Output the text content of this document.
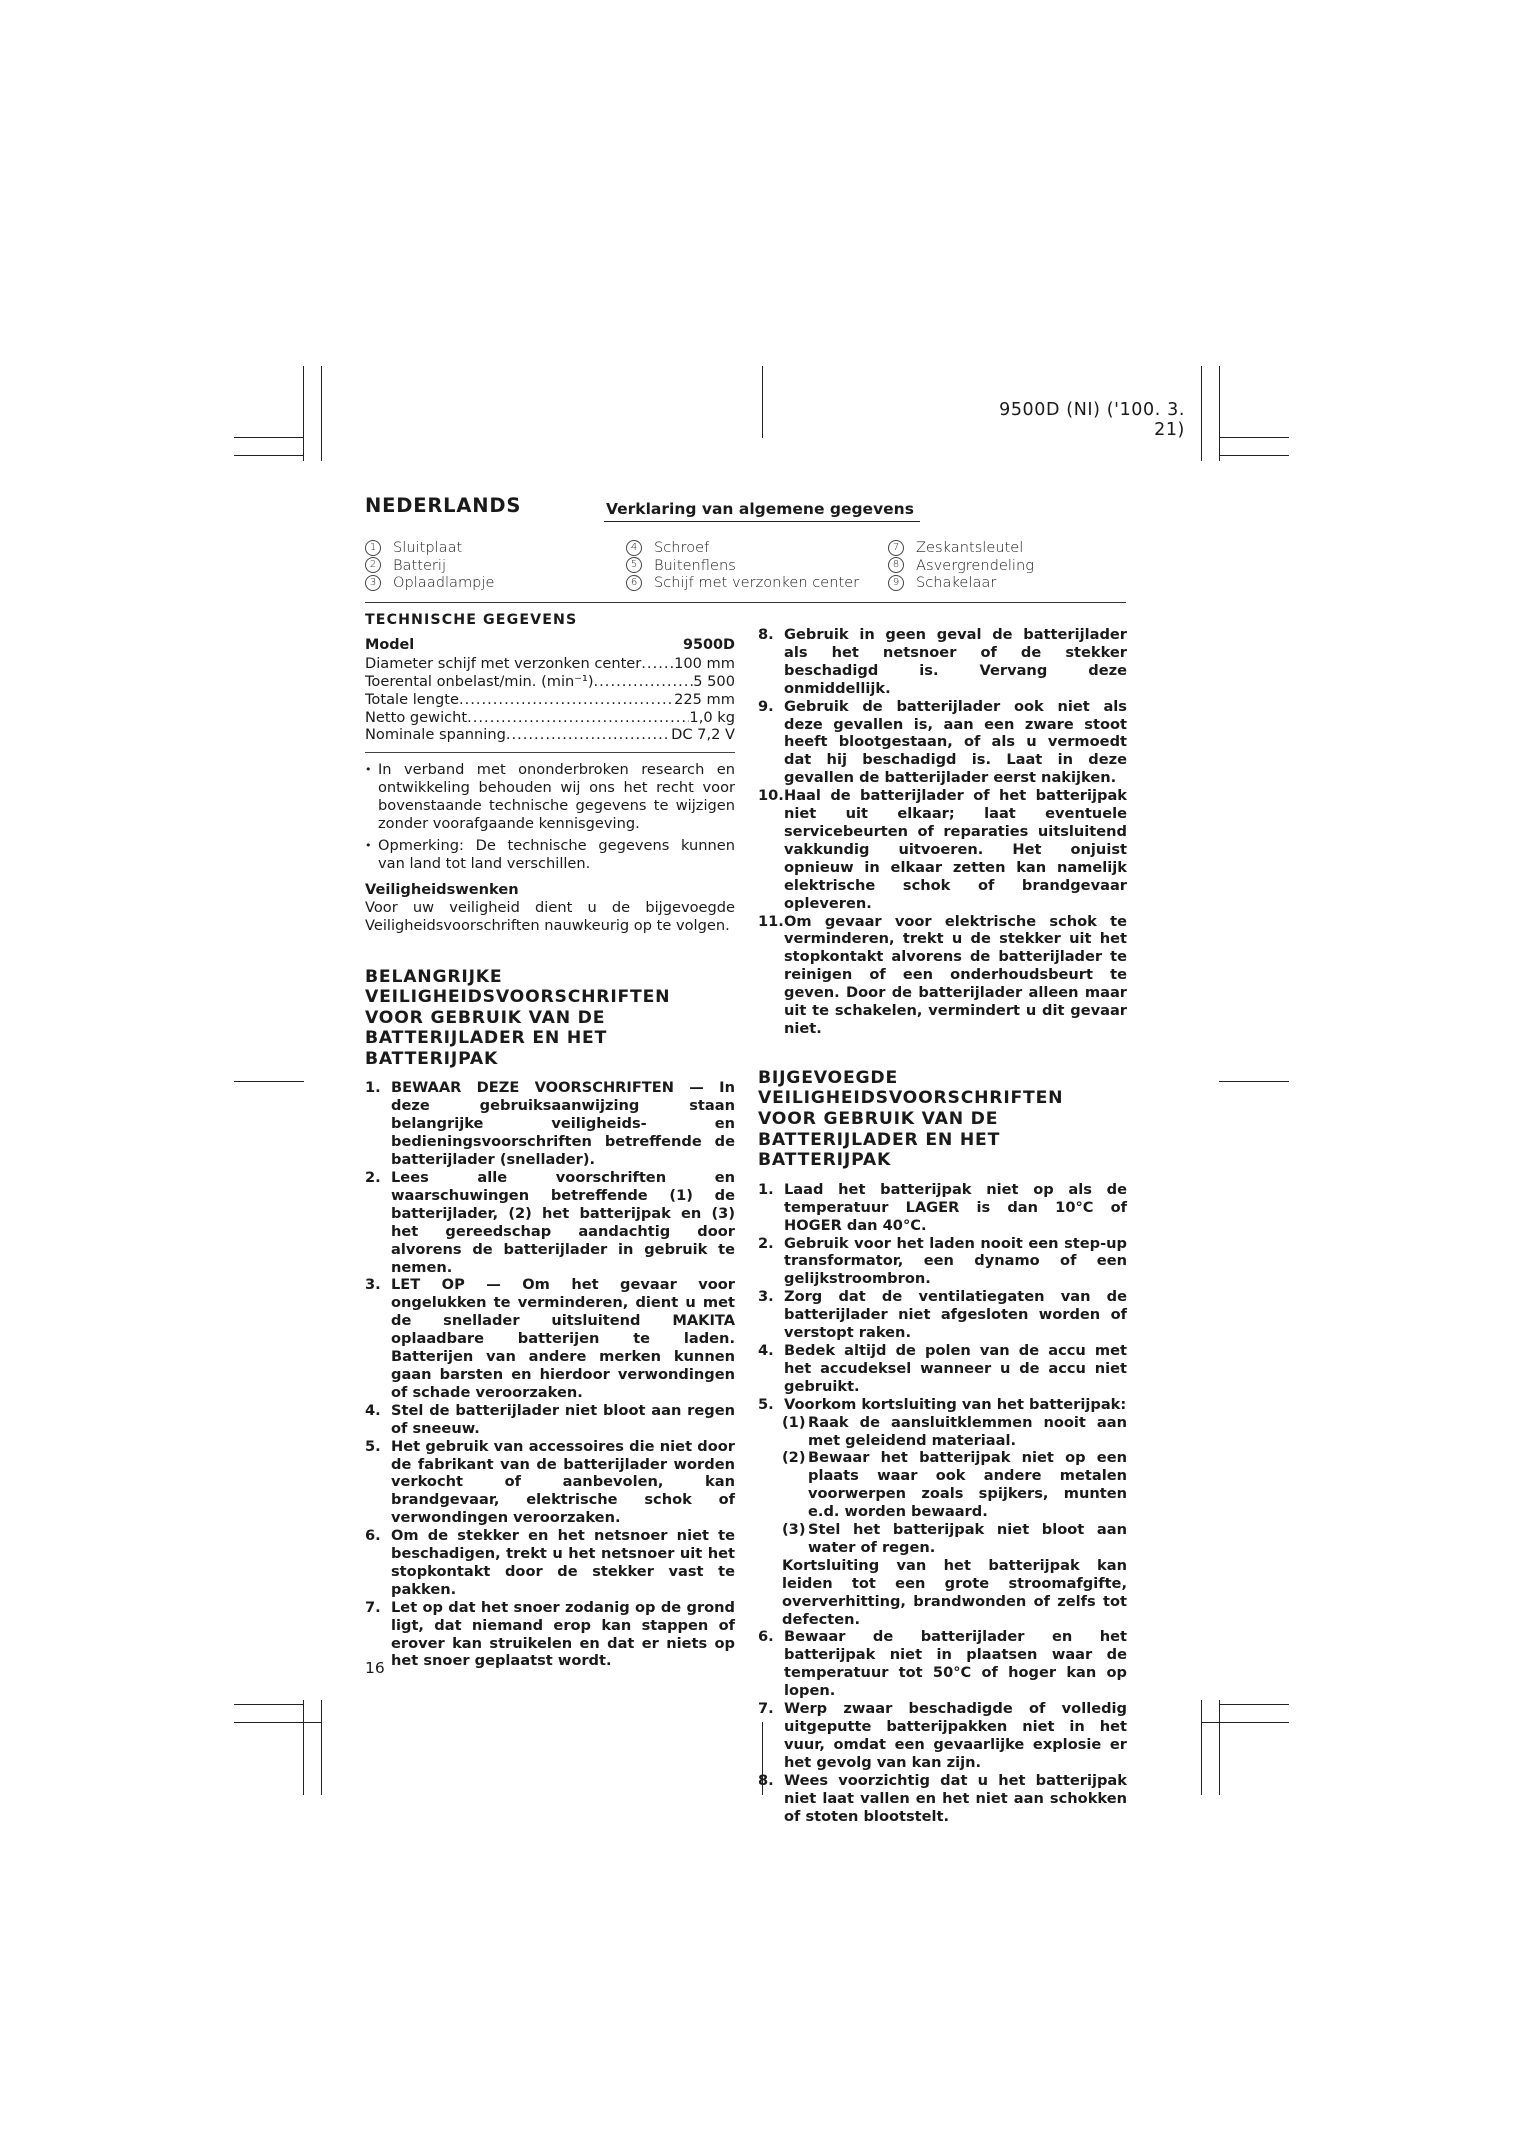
9500D (NI) ('100. 3. 21)
NEDERLANDS	Verklaring van algemene gegevens
1	Sluitplaat
2	Batterij
3	Oplaadlampje
4	Schroef
5	Buitenflens
6	Schijf met verzonken center
7	Zeskantsleutel
8	Asvergrendeling
9	Schakelaar
TECHNISCHE GEGEVENS
Model	9500D
Diameter schijf met verzonken center ..... 100 mm
Toerental onbelast/min. (min⁻¹) .....	5 500
Totale lengte .....	225 mm
Netto gewicht .....	1,0 kg
Nominale spanning .....	DC 7,2 V
• In verband met ononderbroken research en ontwikkeling behouden wij ons het recht voor bovenstaande technische gegevens te wijzigen zonder voorafgaande kennisgeving.
• Opmerking: De technische gegevens kunnen van land tot land verschillen.
Veiligheidswenken
Voor uw veiligheid dient u de bijgevoegde Veiligheidsvoorschriften nauwkeurig op te volgen.
BELANGRIJKE VEILIGHEIDSVOORSCHRIFTEN VOOR GEBRUIK VAN DE BATTERIJLADER EN HET BATTERIJPAK
1. BEWAAR DEZE VOORSCHRIFTEN — In deze gebruiksaanwijzing staan belangrijke veiligheids- en bedieningsvoorschriften betreffende de batterijlader (snellader).
2. Lees alle voorschriften en waarschuwingen betreffende (1) de batterijlader, (2) het batterijpak en (3) het gereedschap aandachtig door alvorens de batterijlader in gebruik te nemen.
3. LET OP — Om het gevaar voor ongelukken te verminderen, dient u met de snellader uitsluitend MAKITA oplaadbare batterijen te laden. Batterijen van andere merken kunnen gaan barsten en hierdoor verwondingen of schade veroorzaken.
4. Stel de batterijlader niet bloot aan regen of sneeuw.
5. Het gebruik van accessoires die niet door de fabrikant van de batterijlader worden verkocht of aanbevolen, kan brandgevaar, elektrische schok of verwondingen veroorzaken.
6. Om de stekker en het netsnoer niet te beschadigen, trekt u het netsnoer uit het stopkontakt door de stekker vast te pakken.
7. Let op dat het snoer zodanig op de grond ligt, dat niemand erop kan stappen of erover kan struikelen en dat er niets op het snoer geplaatst wordt.
8. Gebruik in geen geval de batterijlader als het netsnoer of de stekker beschadigd is. Vervang deze onmiddellijk.
9. Gebruik de batterijlader ook niet als deze gevallen is, aan een zware stoot heeft blootgestaan, of als u vermoedt dat hij beschadigd is. Laat in deze gevallen de batterijlader eerst nakijken.
10. Haal de batterijlader of het batterijpak niet uit elkaar; laat eventuele servicebeurten of reparaties uitsluitend vakkundig uitvoeren. Het onjuist opnieuw in elkaar zetten kan namelijk elektrische schok of brandgevaar opleveren.
11. Om gevaar voor elektrische schok te verminderen, trekt u de stekker uit het stopkontakt alvorens de batterijlader te reinigen of een onderhoudsbeurt te geven. Door de batterijlader alleen maar uit te schakelen, vermindert u dit gevaar niet.
BIJGEVOEGDE VEILIGHEIDSVOORSCHRIFTEN VOOR GEBRUIK VAN DE BATTERIJLADER EN HET BATTERIJPAK
1. Laad het batterijpak niet op als de temperatuur LAGER is dan 10°C of HOGER dan 40°C.
2. Gebruik voor het laden nooit een step-up transformator, een dynamo of een gelijkstroombron.
3. Zorg dat de ventilatiegaten van de batterijlader niet afgesloten worden of verstopt raken.
4. Bedek altijd de polen van de accu met het accudeksel wanneer u de accu niet gebruikt.
5. Voorkom kortsluiting van het batterijpak:
(1) Raak de aansluitklemmen nooit aan met geleidend materiaal.
(2) Bewaar het batterijpak niet op een plaats waar ook andere metalen voorwerpen zoals spijkers, munten e.d. worden bewaard.
(3) Stel het batterijpak niet bloot aan water of regen.
Kortsluiting van het batterijpak kan leiden tot een grote stroomafgifte, oververhitting, brandwonden of zelfs tot defecten.
6. Bewaar de batterijlader en het batterijpak niet in plaatsen waar de temperatuur tot 50°C of hoger kan op lopen.
7. Werp zwaar beschadigde of volledig uitgeputte batterijpakken niet in het vuur, omdat een gevaarlijke explosie er het gevolg van kan zijn.
8. Wees voorzichtig dat u het batterijpak niet laat vallen en het niet aan schokken of stoten blootstelt.
16
